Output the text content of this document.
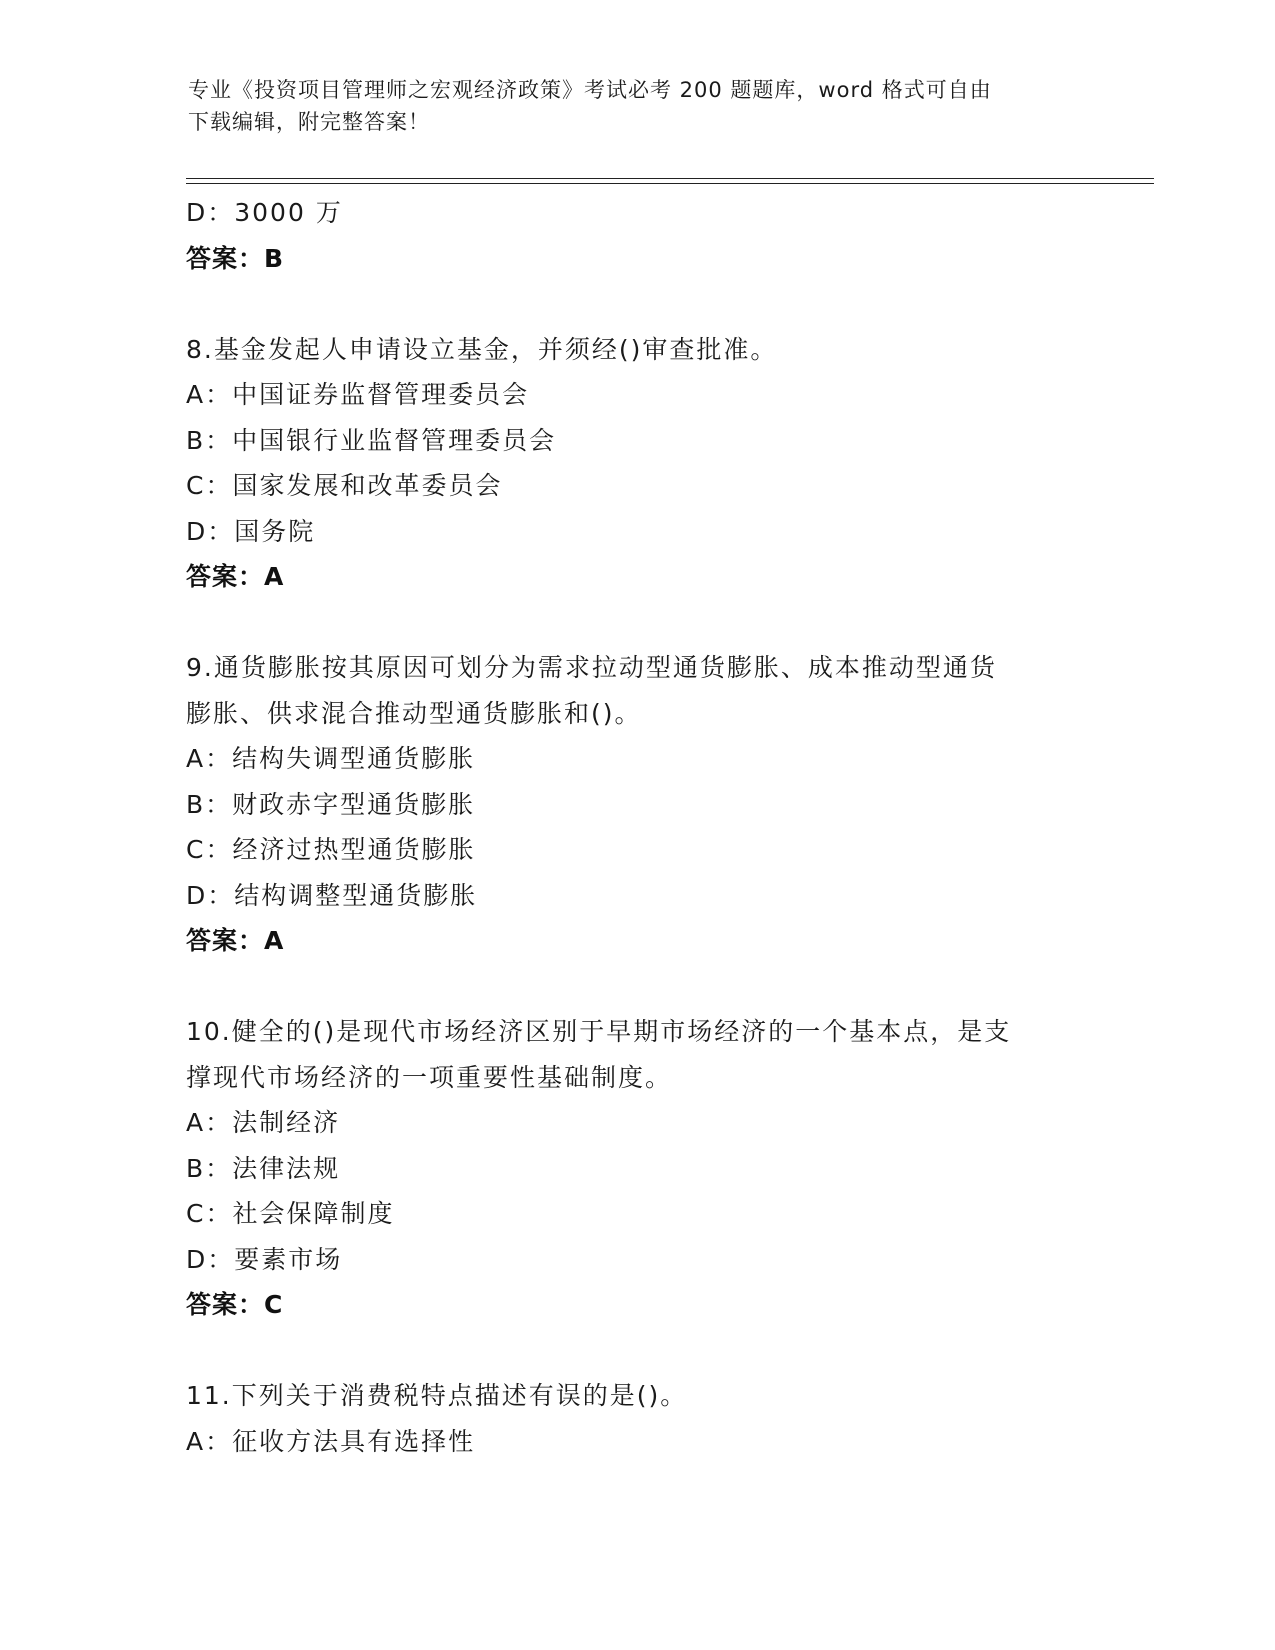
专业《投资项目管理师之宏观经济政策》考试必考 200 题题库，word 格式可自由
下载编辑，附完整答案！
D：3000 万
答案：B
8.基金发起人申请设立基金，并须经()审查批准。
A：中国证券监督管理委员会
B：中国银行业监督管理委员会
C：国家发展和改革委员会
D：国务院
答案：A
9.通货膨胀按其原因可划分为需求拉动型通货膨胀、成本推动型通货
膨胀、供求混合推动型通货膨胀和()。
A：结构失调型通货膨胀
B：财政赤字型通货膨胀
C：经济过热型通货膨胀
D：结构调整型通货膨胀
答案：A
10.健全的()是现代市场经济区别于早期市场经济的一个基本点，是支
撑现代市场经济的一项重要性基础制度。
A：法制经济
B：法律法规
C：社会保障制度
D：要素市场
答案：C
11.下列关于消费税特点描述有误的是()。
A：征收方法具有选择性
